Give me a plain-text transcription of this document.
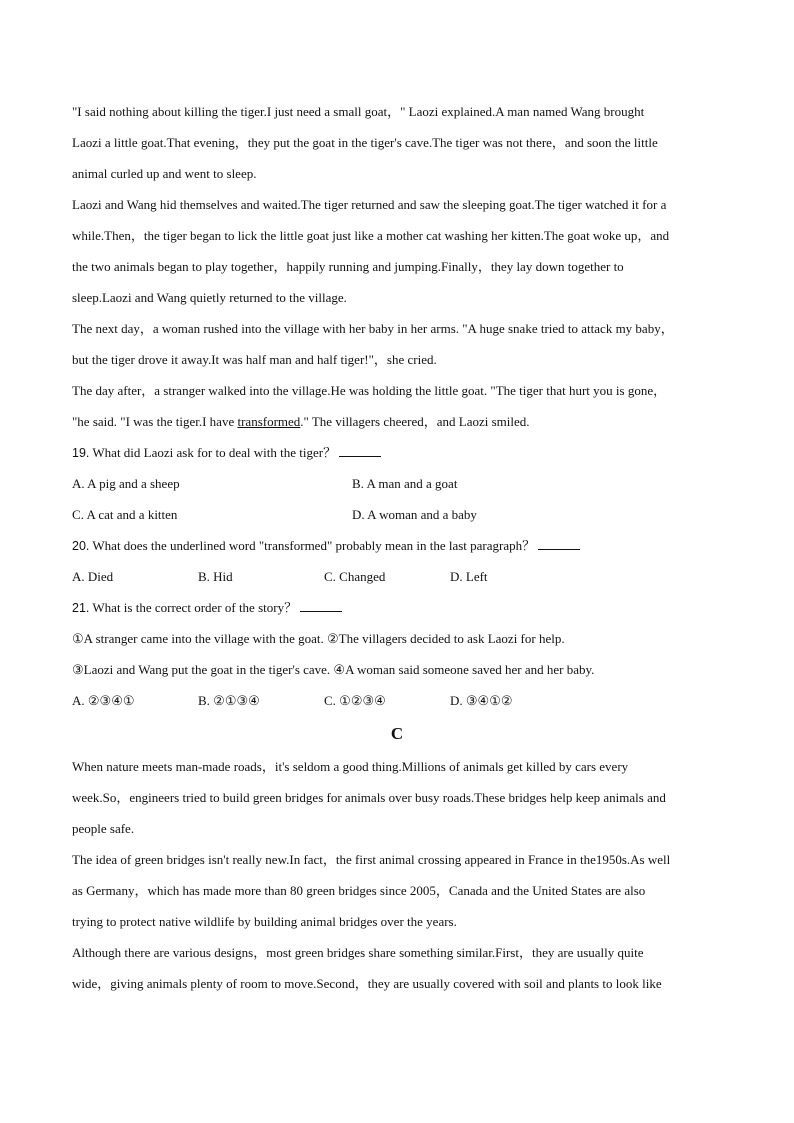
"I said nothing about killing the tiger.I just need a small goat，" Laozi explained.A man named Wang brought
Laozi a little goat.That evening，they put the goat in the tiger's cave.The tiger was not there，and soon the little
animal curled up and went to sleep.
Laozi and Wang hid themselves and waited.The tiger returned and saw the sleeping goat.The tiger watched it for a
while.Then，the tiger began to lick the little goat just like a mother cat washing her kitten.The goat woke up，and
the two animals began to play together，happily running and jumping.Finally，they lay down together to
sleep.Laozi and Wang quietly returned to the village.
The next day，a woman rushed into the village with her baby in her arms. "A huge snake tried to attack my baby，
but the tiger drove it away.It was half man and half tiger!"，she cried.
The day after，a stranger walked into the village.He was holding the little goat. "The tiger that hurt you is gone，
"he said. "I was the tiger.I have transformed." The villagers cheered，and Laozi smiled.
19. What did Laozi ask for to deal with the tiger？
A. A pig and a sheep	B. A man and a goat
C. A cat and a kitten	D. A woman and a baby
20. What does the underlined word "transformed" probably mean in the last paragraph？
A. Died	B. Hid	C. Changed	D. Left
21. What is the correct order of the story？
①A stranger came into the village with the goat. ②The villagers decided to ask Laozi for help.
③Laozi and Wang put the goat in the tiger's cave. ④A woman said someone saved her and her baby.
A. ②③④①	B. ②①③④	C. ①②③④	D. ③④①②
C
When nature meets man-made roads，it's seldom a good thing.Millions of animals get killed by cars every
week.So，engineers tried to build green bridges for animals over busy roads.These bridges help keep animals and
people safe.
The idea of green bridges isn't really new.In fact，the first animal crossing appeared in France in the1950s.As well
as Germany，which has made more than 80 green bridges since 2005，Canada and the United States are also
trying to protect native wildlife by building animal bridges over the years.
Although there are various designs，most green bridges share something similar.First，they are usually quite
wide，giving animals plenty of room to move.Second，they are usually covered with soil and plants to look like
